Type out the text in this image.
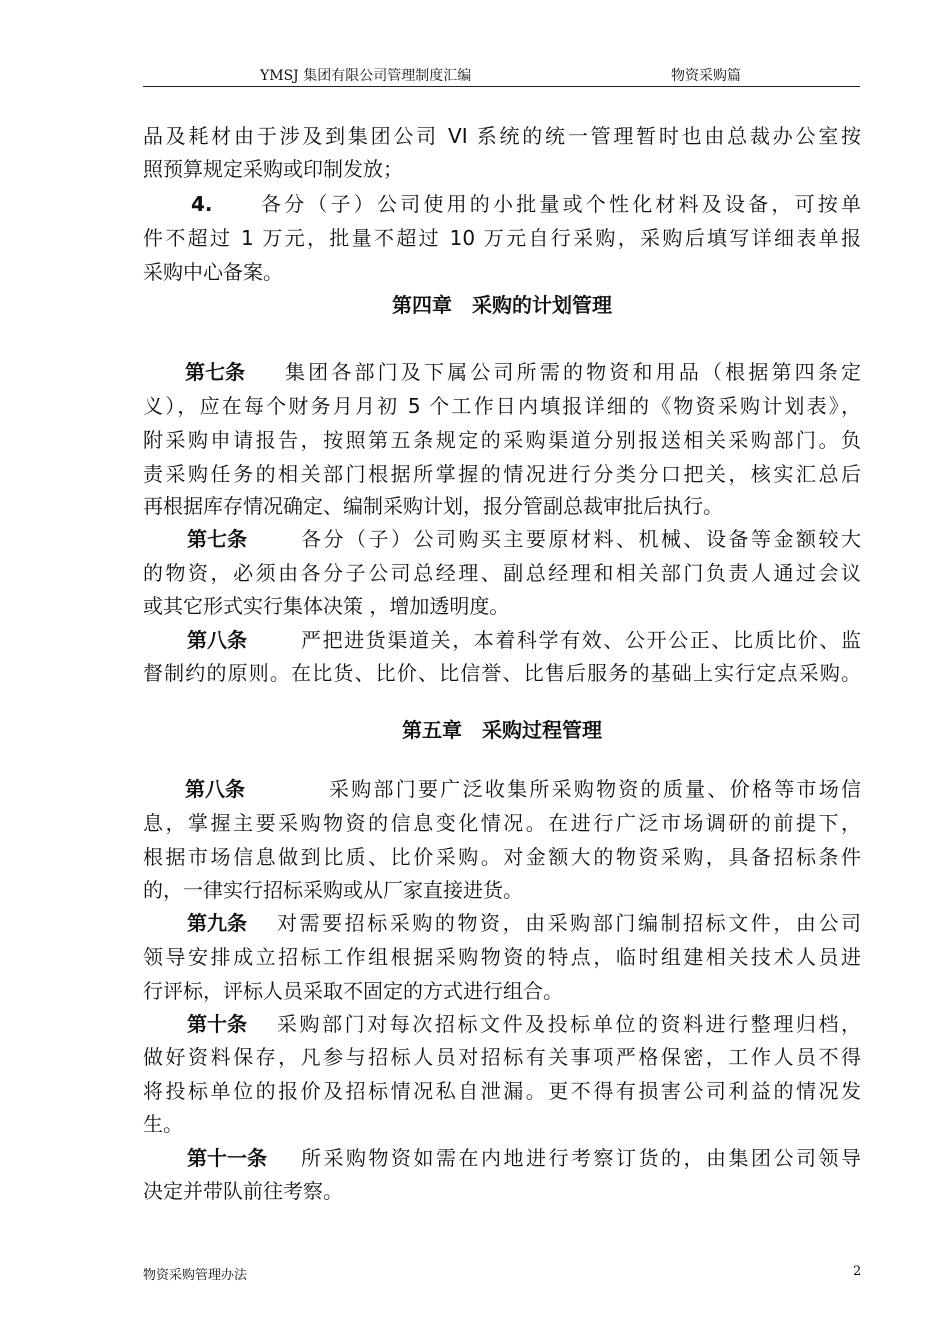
YMSJ 集团有限公司管理制度汇编	物资采购篇
品及耗材由于涉及到集团公司 VI 系统的统一管理暂时也由总裁办公室按
照预算规定采购或印制发放；
4. 各分（子）公司使用的小批量或个性化材料及设备，可按单
件不超过 1 万元，批量不超过 10 万元自行采购，采购后填写详细表单报
采购中心备案。
第四章　采购的计划管理
第七条 集团各部门及下属公司所需的物资和用品（根据第四条定
义），应在每个财务月月初 5 个工作日内填报详细的《物资采购计划表》，
附采购申请报告，按照第五条规定的采购渠道分别报送相关采购部门。负
责采购任务的相关部门根据所掌握的情况进行分类分口把关，核实汇总后
再根据库存情况确定、编制采购计划，报分管副总裁审批后执行。
第七条	各分（子）公司购买主要原材料、机械、设备等金额较大
的物资，必须由各分子公司总经理、副总经理和相关部门负责人通过会议
或其它形式实行集体决策 ，增加透明度。
第八条	严把进货渠道关，本着科学有效、公开公正、比质比价、监
督制约的原则。在比货、比价、比信誉、比售后服务的基础上实行定点采购。
第五章　采购过程管理
第八条	采购部门要广泛收集所采购物资的质量、价格等市场信
息，掌握主要采购物资的信息变化情况。在进行广泛市场调研的前提下，
根据市场信息做到比质、比价采购。对金额大的物资采购，具备招标条件
的，一律实行招标采购或从厂家直接进货。
第九条 对需要招标采购的物资，由采购部门编制招标文件，由公司
领导安排成立招标工作组根据采购物资的特点，临时组建相关技术人员进
行评标，评标人员采取不固定的方式进行组合。
第十条 采购部门对每次招标文件及投标单位的资料进行整理归档，
做好资料保存，凡参与招标人员对招标有关事项严格保密，工作人员不得
将投标单位的报价及招标情况私自泄漏。更不得有损害公司利益的情况发
生。
第十一条 所采购物资如需在内地进行考察订货的，由集团公司领导
决定并带队前往考察。
物资采购管理办法	2
